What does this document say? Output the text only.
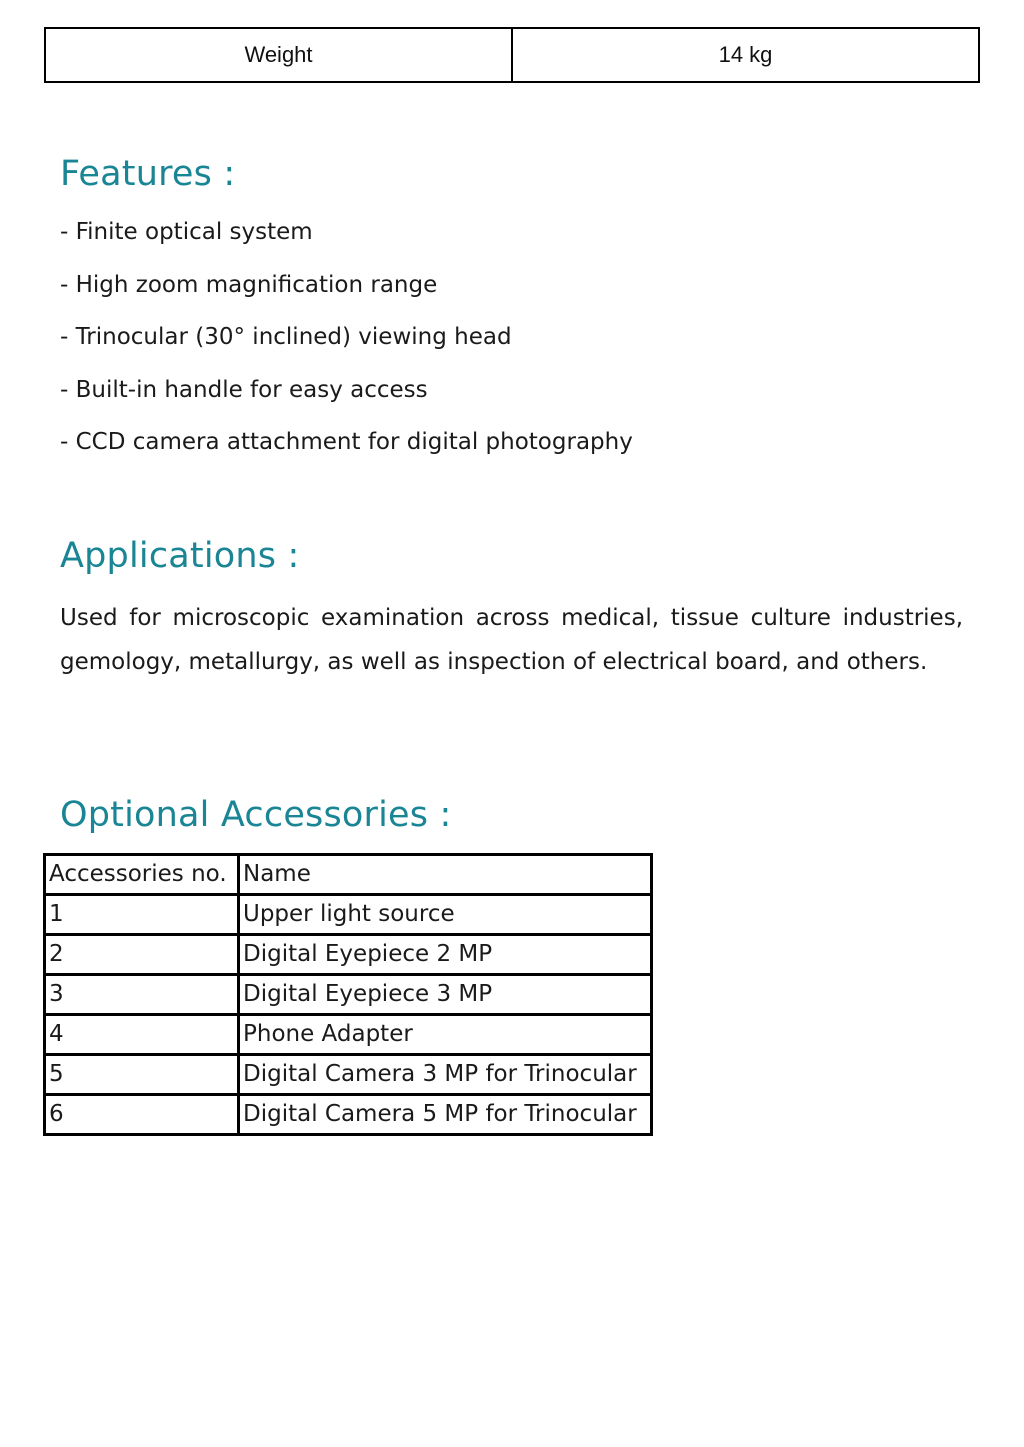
Weight	14 kg
Features :
- Finite optical system
- High zoom magnification range
- Trinocular (30° inclined) viewing head
- Built-in handle for easy access
- CCD camera attachment for digital photography
Applications :

Used for microscopic examination across medical, tissue culture industries, gemology, metallurgy, as well as inspection of electrical board, and others.

Optional Accessories :
Accessories no.	Name
1	Upper light source
2	Digital Eyepiece 2 MP
3	Digital Eyepiece 3 MP
4	Phone Adapter
5	Digital Camera 3 MP for Trinocular
6	Digital Camera 5 MP for Trinocular
